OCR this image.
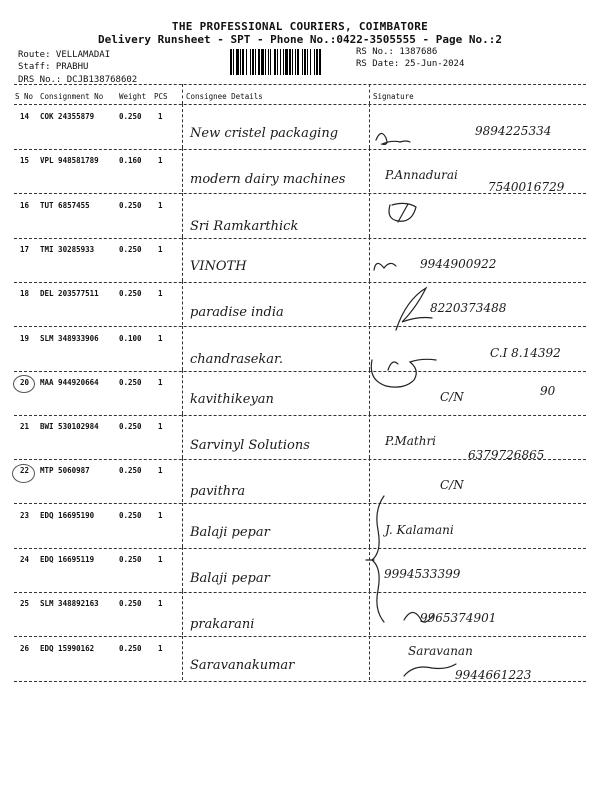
THE PROFESSIONAL COURIERS, COIMBATORE
Delivery Runsheet - SPT - Phone No.:0422-3505555 - Page No.:2
Route: VELLAMADAI
Staff: PRABHU
DRS No.: DCJB138768602
RS No.: 1387686
RS Date: 25-Jun-2024
S No Consignment No Weight PCS Consignee Details	Signature
14 COK 24355879	0.250 1
New cristel packaging	9894225334
15 VPL 948581789	0.160 1
modern dairy machines	P.Annadurai
7540016729
16 TUT 6857455	0.250 1
Sri Ramkarthick
17 TMI 30285933	0.250 1
VINOTH	9944900922
18 DEL 203577511	0.250 1
paradise india	8220373488
19 SLM 348933906	0.100 1
chandrasekar.	C.I 8.14392
20 MAA 944920664	0.250 1
kavithikeyan	C/N	90
21 BWI 530102984	0.250 1
Sarvinyl Solutions	P.Mathri
6379726865
22 MTP 5060987	0.250 1
pavithra	C/N
23 EDQ 16695190	0.250 1
Balaji pepar	J. Kalamani
24 EDQ 16695119	0.250 1
Balaji pepar	9994533399
25 SLM 348892163	0.250 1
prakarani	9965374901
26 EDQ 15990162	0.250 1
Saravanakumar
Saravanan
9944661223
